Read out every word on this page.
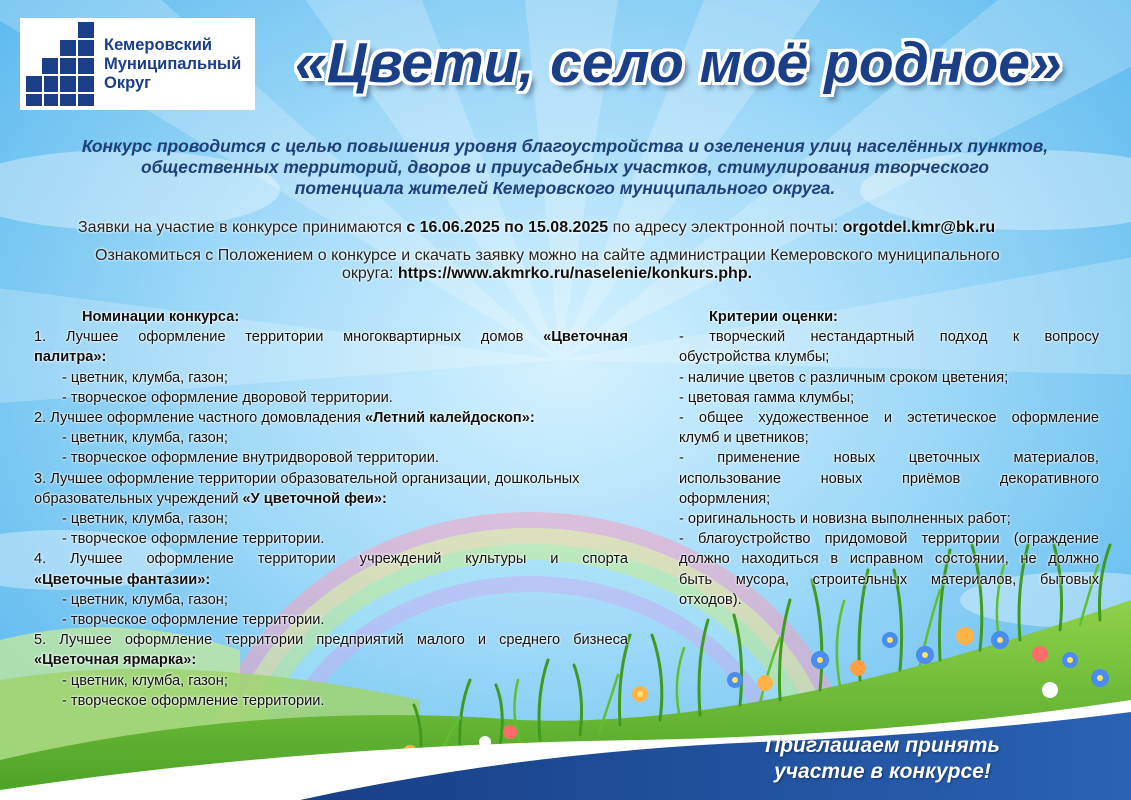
Кемеровский
Муниципальный
Округ	«Цвети, село моё родное»
Конкурс проводится с целью повышения уровня благоустройства и озеленения улиц населённых пунктов,
общественных территорий, дворов и приусадебных участков, стимулирования творческого
потенциала жителей Кемеровского муниципального округа.
Заявки на участие в конкурсе принимаются с 16.06.2025 по 15.08.2025 по адресу электронной почты: orgotdel.kmr@bk.ru
Ознакомиться с Положением о конкурсе и скачать заявку можно на сайте администрации Кемеровского муниципального
округа: https://www.akmrko.ru/naselenie/konkurs.php.
Номинации конкурса:
1. Лучшее оформление территории многоквартирных домов «Цветочная
палитра»:
- цветник, клумба, газон;
- творческое оформление дворовой территории.
2. Лучшее оформление частного домовладения «Летний калейдоскоп»:
- цветник, клумба, газон;
- творческое оформление внутридворовой территории.
3. Лучшее оформление территории образовательной организации, дошкольных
образовательных учреждений «У цветочной феи»:
- цветник, клумба, газон;
- творческое оформление территории.
4. Лучшее оформление территории учреждений культуры и спорта
«Цветочные фантазии»:
- цветник, клумба, газон;
- творческое оформление территории.
5. Лучшее оформление территории предприятий малого и среднего бизнеса
«Цветочная ярмарка»:
- цветник, клумба, газон;
- творческое оформление территории.
Критерии оценки:
- творческий нестандартный подход к вопросу
обустройства клумбы;
- наличие цветов с различным сроком цветения;
- цветовая гамма клумбы;
- общее художественное и эстетическое оформление
клумб и цветников;
- применение новых цветочных материалов,
использование новых приёмов декоративного
оформления;
- оригинальность и новизна выполненных работ;
- благоустройство придомовой территории (ограждение
должно находиться в исправном состоянии, не должно
быть мусора, строительных материалов, бытовых
отходов).
Приглашаем принять
участие в конкурсе!
